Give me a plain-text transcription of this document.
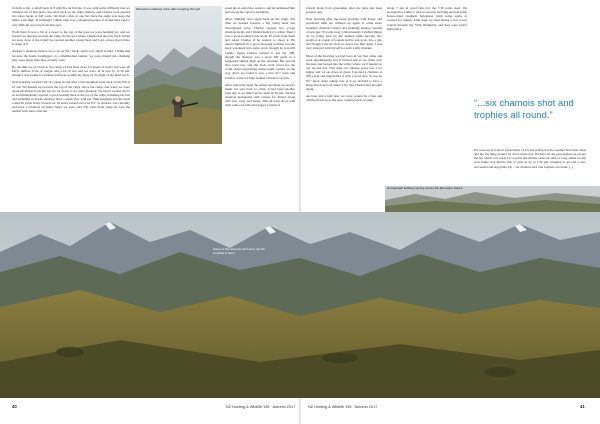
in thick scrub, a small buck of 8 with 6¼ inch horns. It was with some difficulty that we climbed out of that place, but once back on the ridge Andrew and Charles soon spotted two more bucks at 240 yards. We fired a shot at one but since the angle was steep the bullet went high. In hindsight I think what was a blessing because it would have been a very difficult recovery from that spot.

From there it was a bit of a sweat to the top of the pass we were heading for, and we started our descent towards the camp via the spot where Charles had shot his buck. When we were close to the trophy we spotted another young buck and I got a more good video footage of it.

Andrew’s chamois turned out to be an 8¾” buck, again very small bodied. I think that because the home lookbigger on a smallbodied animal, we were misled into thinking they were larger than they actually were.

By the time we got back to the camp we had been away for about 12 hours and were all fairly stuffed. A tin of tongue and a bit of rice and we were all in bed by 11.30 pm, though I was awake for another half hour writing my diary by the light of my head torch.

Next morning we had a bit of a sleep in and after a late breakfast went back on the hill at 10 am. We headed up towards the top of the ridge above the camp, and when we were about 60 metres from the top we sat down to do some glassing. We heard a noise above us and immediately spotted a good-looking buck at the top of the ridge, thrashing his feet and whistling in alarm. Andrew fired a quick shot with his 7mm magnum and the buck rolled 30 yards down towards us. Its horns turned out to be 9½” so Andrew was certainly and were a Chamois cat male! Since we were only 250 yards from camp we took the animal back there after the

Werewere relatively close after scraping through	usual photo and video session, and he addressed him and sawed the cape for mounting.

After climbing once again back up the ridge, this time we headed towards a big valley head and investigated bobs. Charles spotted two young chamois bucks and I filmed them for a while. Then I saw a good-looking buck about 30 yards from them and asked Charles if he wanted to shoot it. He placed himself in a good shooting position but the buck wandered into some scrub, though he was still visible. Again Charles wanted to use his .308, though the distance was a good 300 yards so I suggested aiming high on the shoulder. His second shot went true and the buck went down for the count. After negotiating some rough country on the way down we found it was a nice 9½” buck and Charles could not help another Charlton cat grin.

After removing head, he added and meat we slowly made our way back to camp. It had been another long day as we didn’t arrive until 10.30 pm. We had chamois backsteaks with onions for dinner along with rice, curry and butter. This all went down well with some red wine and grappa (a kind of

brandy made from grapeskins after the juice has been pressed out).

Next morning after the usual porridge with honey and powdered milk we climbed up again to some more beautiful chamois country and suddenly Andrew spotted a buck just 70 yards away. Unfortunately I stuffed things up by being seen by the animal while moving into position. A couple of bounds and he was gone, into a gut, and though I ran up close we never saw him again. I was very annoyed with myself for such a silly mistake.

Most of the morning we had been in fog that came and went intermittently, but it cleared just as we came over the pass and looked into the valley where we’d hunted on our second day. This time our vantage point was a lot higher and we sat down to glass. I spotted a chamois at 200 yards and despatched it with a good shot. It was an 8½” buck. After taking care of it we decided to have a sleep and dozed off under a fly that Charles had brought along.

An hour and a half later we were woken by a hen and climbed back up to the pass, arriving back at camp

about 7 pm in good time for the 7.30 radio sked. We arranged for Jamie to pick us up next morning and had some freeze-dried spaghetti bolognese (with some again of course) for dinner. After dark we tried fitting a few tracer rounds through my 7mm Weatherby and they were pretty impressive.

“...six chamois shot and trophies all round.”

We were up at 6 am in expectation of a 9 am pickup but the weather had other ideas and the fog hung around for most of the day. We kept all our gear packed up except the fly, which was ready for a quick last-minute removal. After a long, rather boring wait Jamie was finally able to pick us up at 7.30 pm, bringing to an end a very successful and enjoyable trip – six chamois shot and trophies all round. (–)

Horrapared! bottling country across the flat region slopes
Some of the chamois shot were not the simplest to fetch
40	NZ Hunting & Wildlife 195 · Autumn 2017	NZ Hunting & Wildlife 195 · Autumn 2017	41
